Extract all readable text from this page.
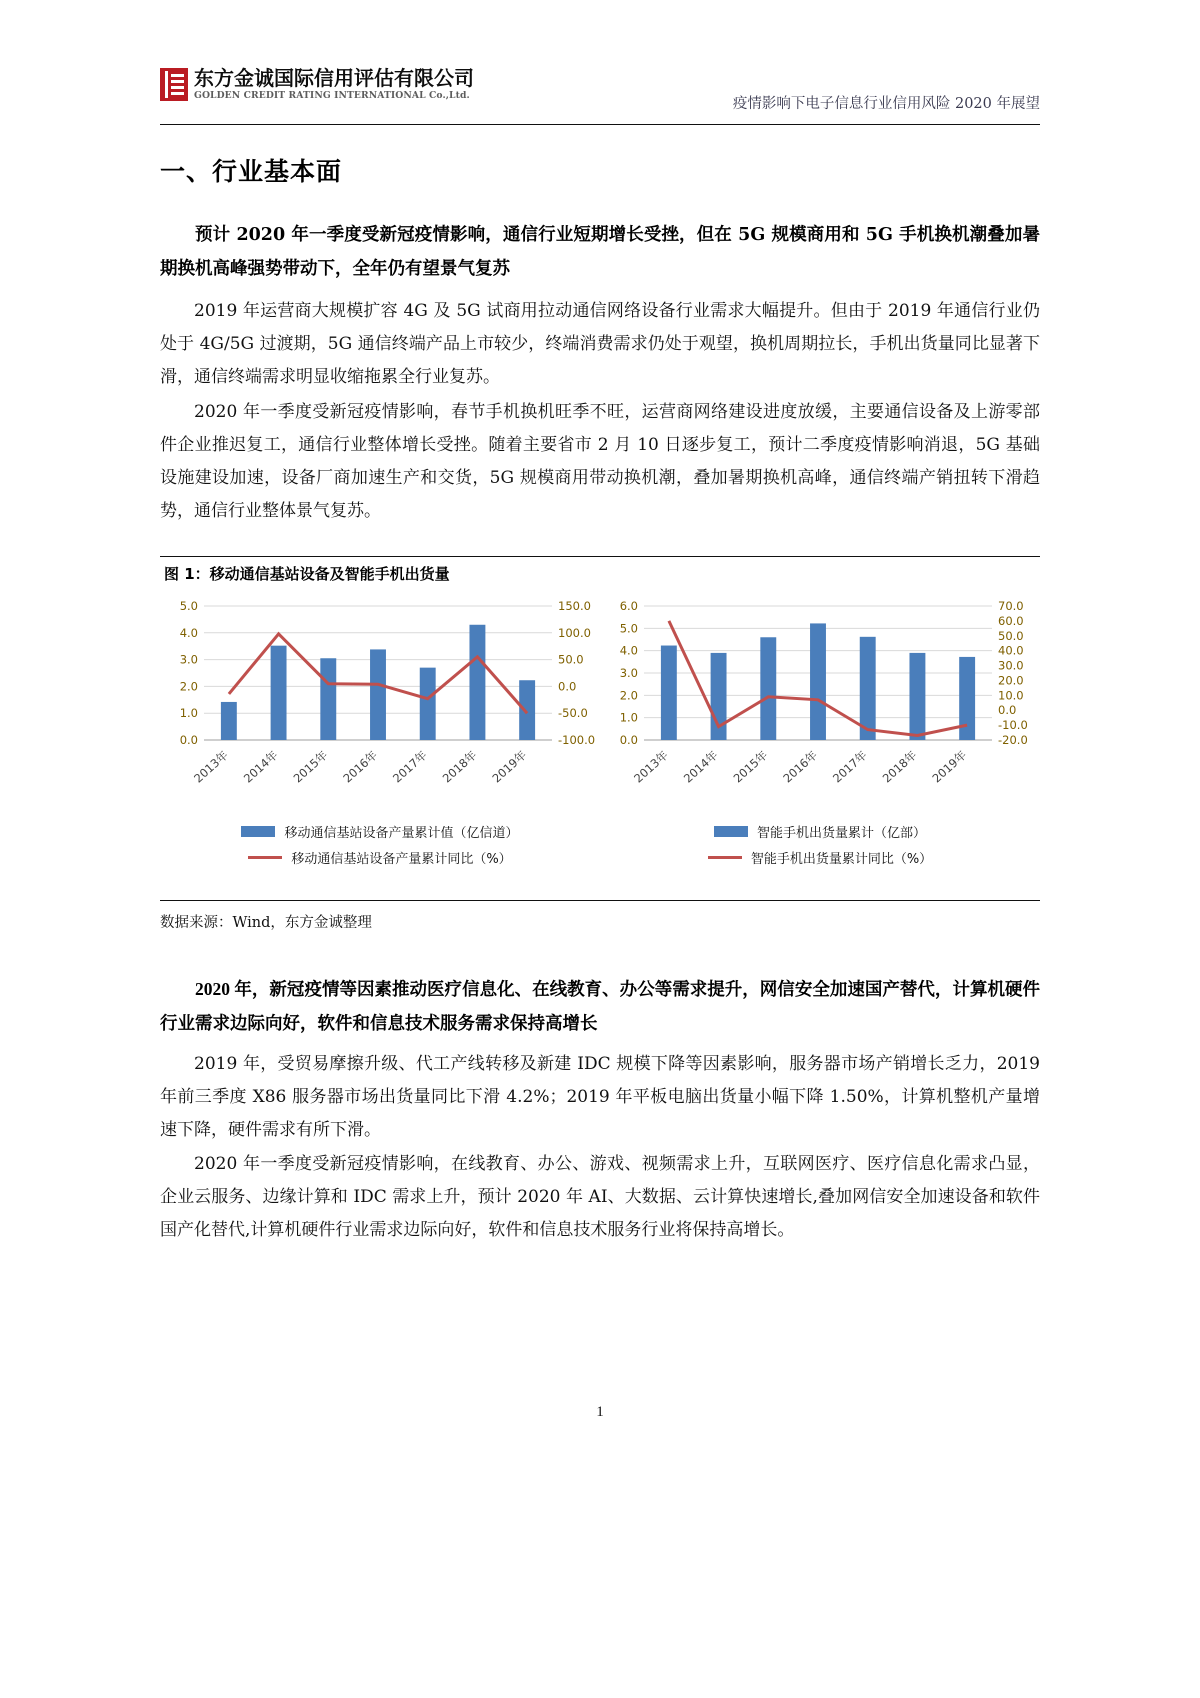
东方金诚国际信用评估有限公司
GOLDEN CREDIT RATING INTERNATIONAL Co.,Ltd.
疫情影响下电子信息行业信用风险 2020 年展望
一、行业基本面
预计 2020 年一季度受新冠疫情影响，通信行业短期增长受挫，但在 5G 规模商用和 5G 手机换机潮叠加暑期换机高峰强势带动下，全年仍有望景气复苏
2019 年运营商大规模扩容 4G 及 5G 试商用拉动通信网络设备行业需求大幅提升。但由于 2019 年通信行业仍处于 4G/5G 过渡期，5G 通信终端产品上市较少，终端消费需求仍处于观望，换机周期拉长，手机出货量同比显著下滑，通信终端需求明显收缩拖累全行业复苏。
2020 年一季度受新冠疫情影响，春节手机换机旺季不旺，运营商网络建设进度放缓，主要通信设备及上游零部件企业推迟复工，通信行业整体增长受挫。随着主要省市 2 月 10 日逐步复工，预计二季度疫情影响消退，5G 基础设施建设加速，设备厂商加速生产和交货，5G 规模商用带动换机潮，叠加暑期换机高峰，通信终端产销扭转下滑趋势，通信行业整体景气复苏。
图 1：移动通信基站设备及智能手机出货量
0.0
1.0
2.0
3.0
4.0
5.0
-100.0
-50.0
0.0
50.0
100.0
150.0
2013年 2014年 2015年 2016年 2017年 2018年 2019年
移动通信基站设备产量累计值（亿信道）
移动通信基站设备产量累计同比（%）
0.0
1.0
2.0
3.0
4.0
5.0
6.0
-20.0
-10.0
0.0
10.0
20.0
30.0
40.0
50.0
60.0
70.0
2013年 2014年 2015年 2016年 2017年 2018年 2019年
智能手机出货量累计（亿部）
智能手机出货量累计同比（%）
数据来源：Wind，东方金诚整理
2020 年，新冠疫情等因素推动医疗信息化、在线教育、办公等需求提升，网信安全加速国产替代，计算机硬件行业需求边际向好，软件和信息技术服务需求保持高增长
2019 年，受贸易摩擦升级、代工产线转移及新建 IDC 规模下降等因素影响，服务器市场产销增长乏力，2019 年前三季度 X86 服务器市场出货量同比下滑 4.2%；2019 年平板电脑出货量小幅下降 1.50%，计算机整机产量增速下降，硬件需求有所下滑。
2020 年一季度受新冠疫情影响，在线教育、办公、游戏、视频需求上升，互联网医疗、医疗信息化需求凸显，企业云服务、边缘计算和 IDC 需求上升，预计 2020 年 AI、大数据、云计算快速增长,叠加网信安全加速设备和软件国产化替代,计算机硬件行业需求边际向好，软件和信息技术服务行业将保持高增长。
1
